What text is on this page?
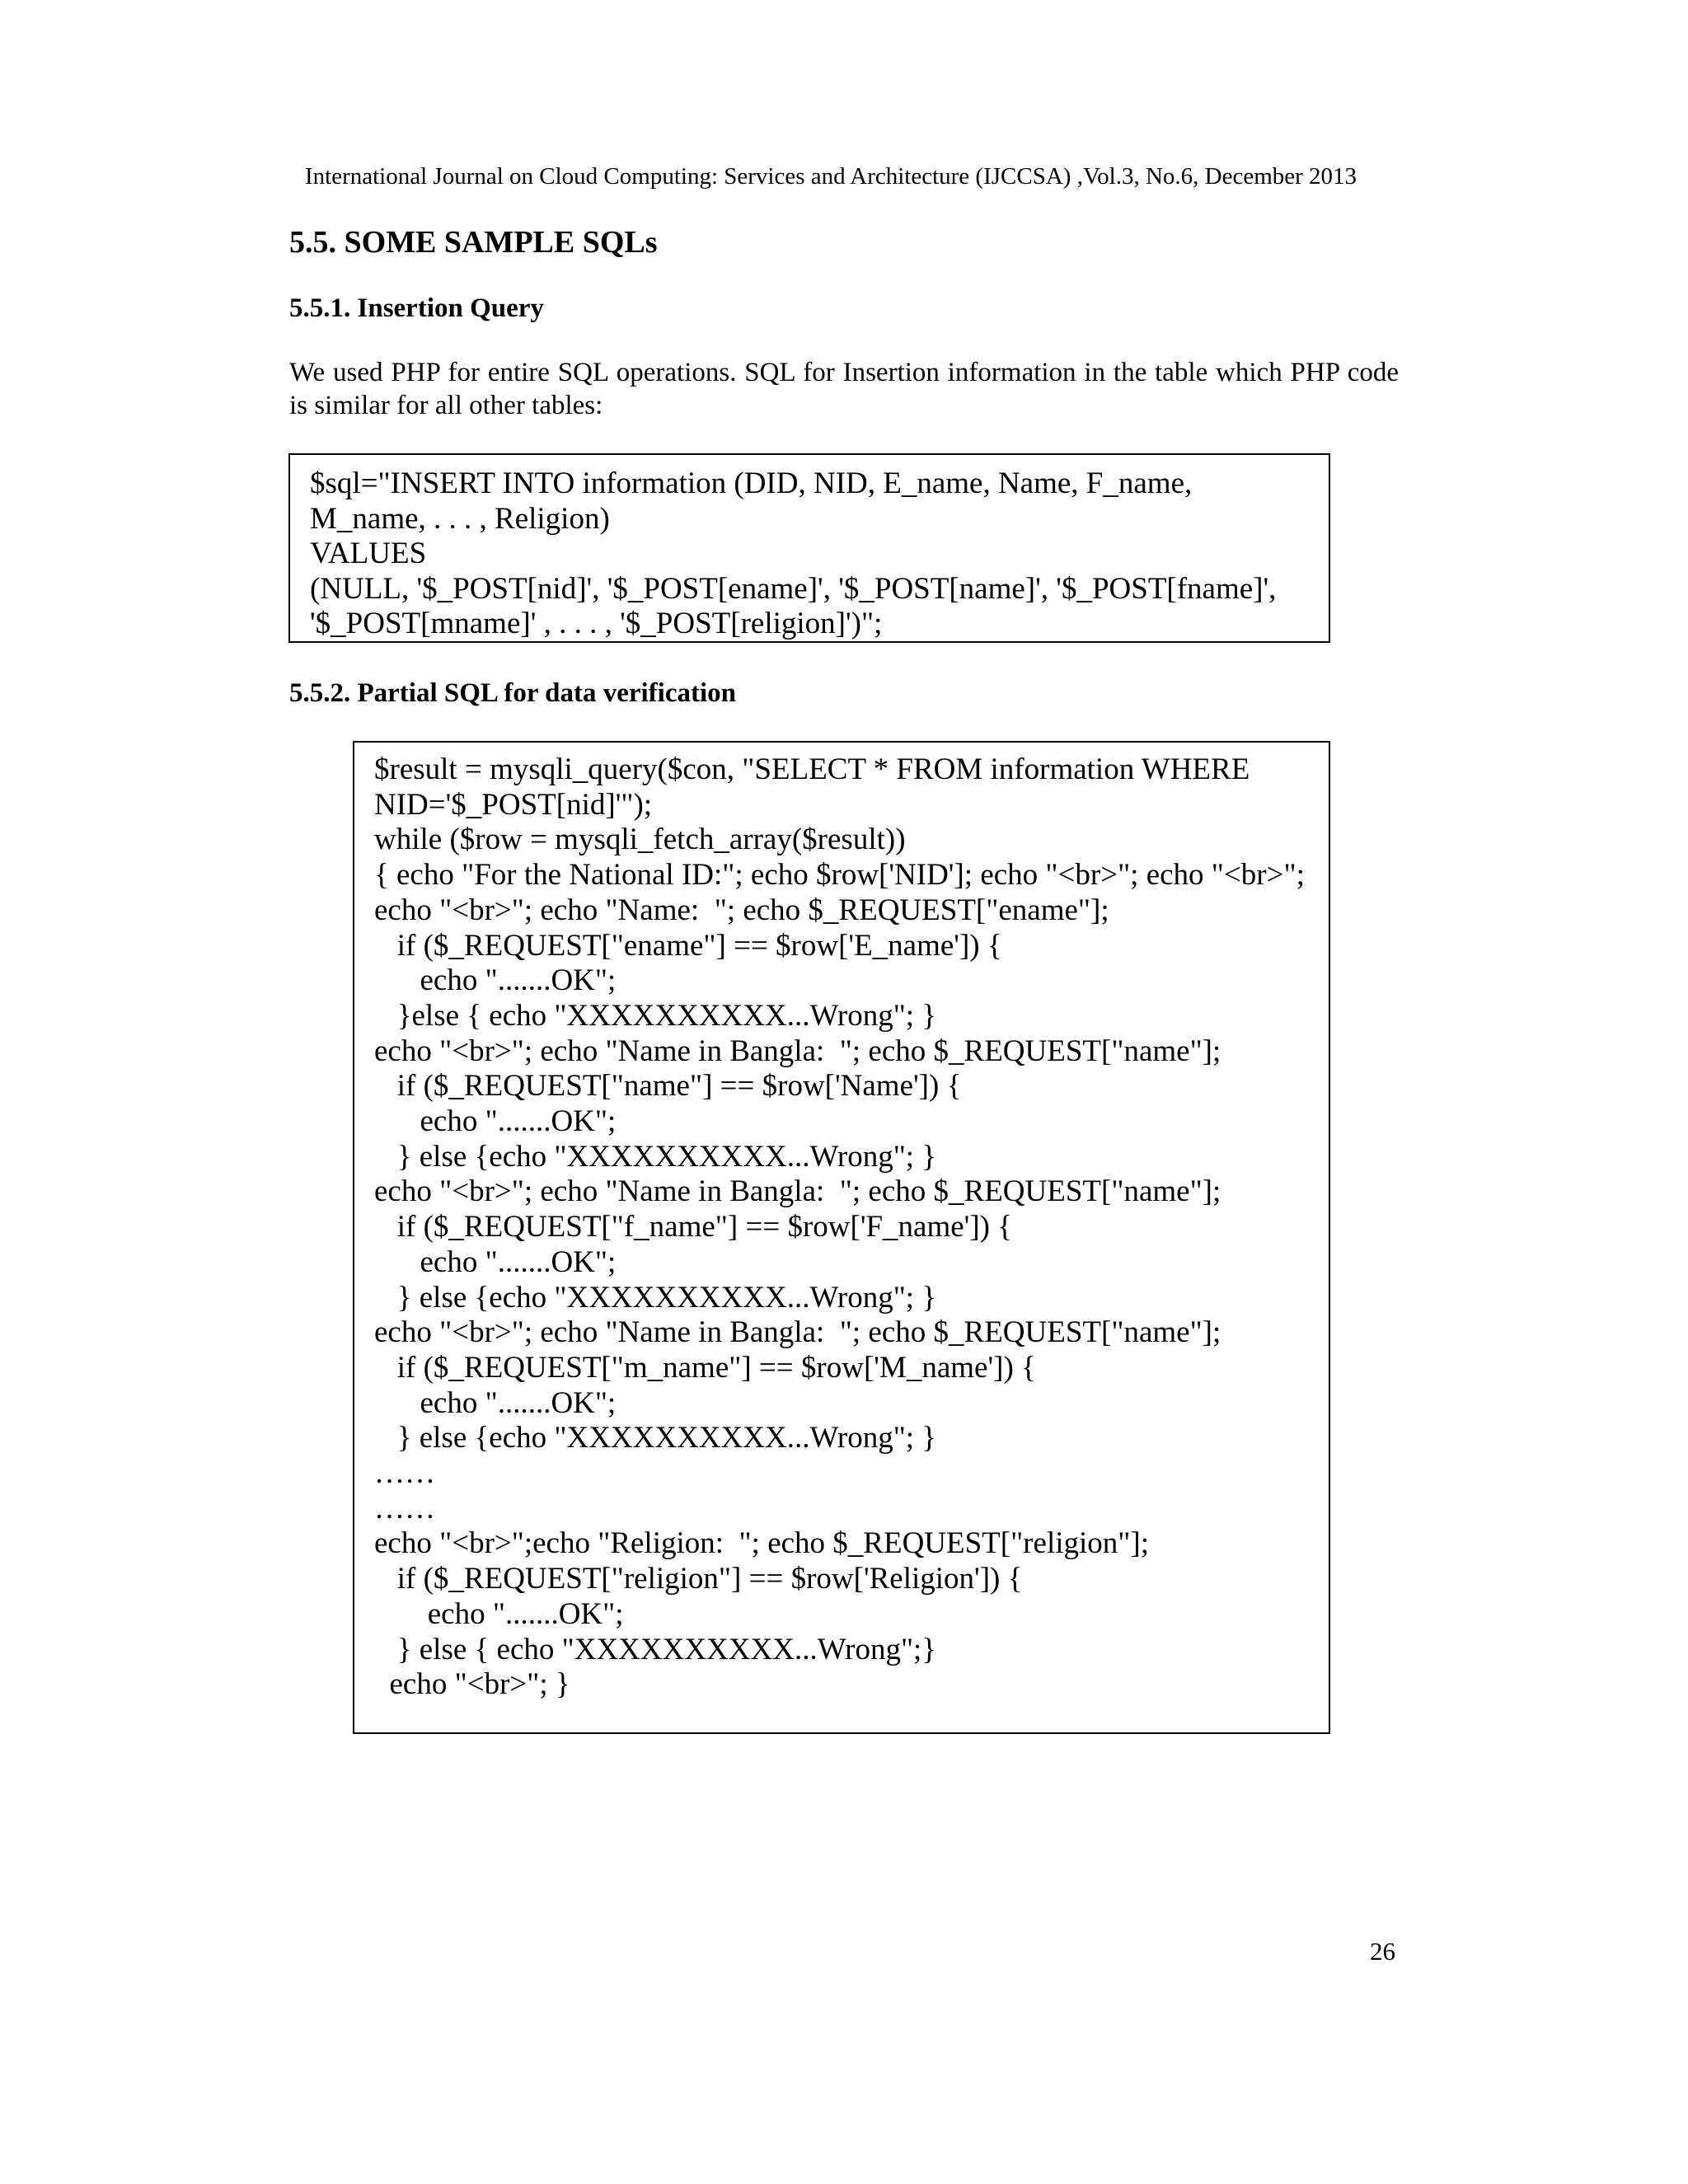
International Journal on Cloud Computing: Services and Architecture (IJCCSA) ,Vol.3, No.6, December 2013
5.5. SOME SAMPLE SQLs
5.5.1. Insertion Query
We used PHP for entire SQL operations. SQL for Insertion information in the table which PHP code is similar for all other tables:
$sql="INSERT INTO information (DID, NID, E_name, Name, F_name,
M_name, . . . , Religion)
VALUES
(NULL, '$_POST[nid]', '$_POST[ename]', '$_POST[name]', '$_POST[fname]',
'$_POST[mname]' , . . . , '$_POST[religion]')";
5.5.2. Partial SQL for data verification
$result = mysqli_query($con, "SELECT * FROM information WHERE
NID='$_POST[nid]'");
while ($row = mysqli_fetch_array($result))
{ echo "For the National ID:"; echo $row['NID']; echo "<br>"; echo "<br>";
echo "<br>"; echo "Name:  "; echo $_REQUEST["ename"];
if ($_REQUEST["ename"] == $row['E_name']) {
echo ".......OK";
}else { echo "XXXXXXXXXX...Wrong"; }
echo "<br>"; echo "Name in Bangla:  "; echo $_REQUEST["name"];
if ($_REQUEST["name"] == $row['Name']) {
echo ".......OK";
} else {echo "XXXXXXXXXX...Wrong"; }
echo "<br>"; echo "Name in Bangla:  "; echo $_REQUEST["name"];
if ($_REQUEST["f_name"] == $row['F_name']) {
echo ".......OK";
} else {echo "XXXXXXXXXX...Wrong"; }
echo "<br>"; echo "Name in Bangla:  "; echo $_REQUEST["name"];
if ($_REQUEST["m_name"] == $row['M_name']) {
echo ".......OK";
} else {echo "XXXXXXXXXX...Wrong"; }
……
……
echo "<br>";echo "Religion:  "; echo $_REQUEST["religion"];
if ($_REQUEST["religion"] == $row['Religion']) {
echo ".......OK";
} else { echo "XXXXXXXXXX...Wrong";}
echo "<br>"; }
26
